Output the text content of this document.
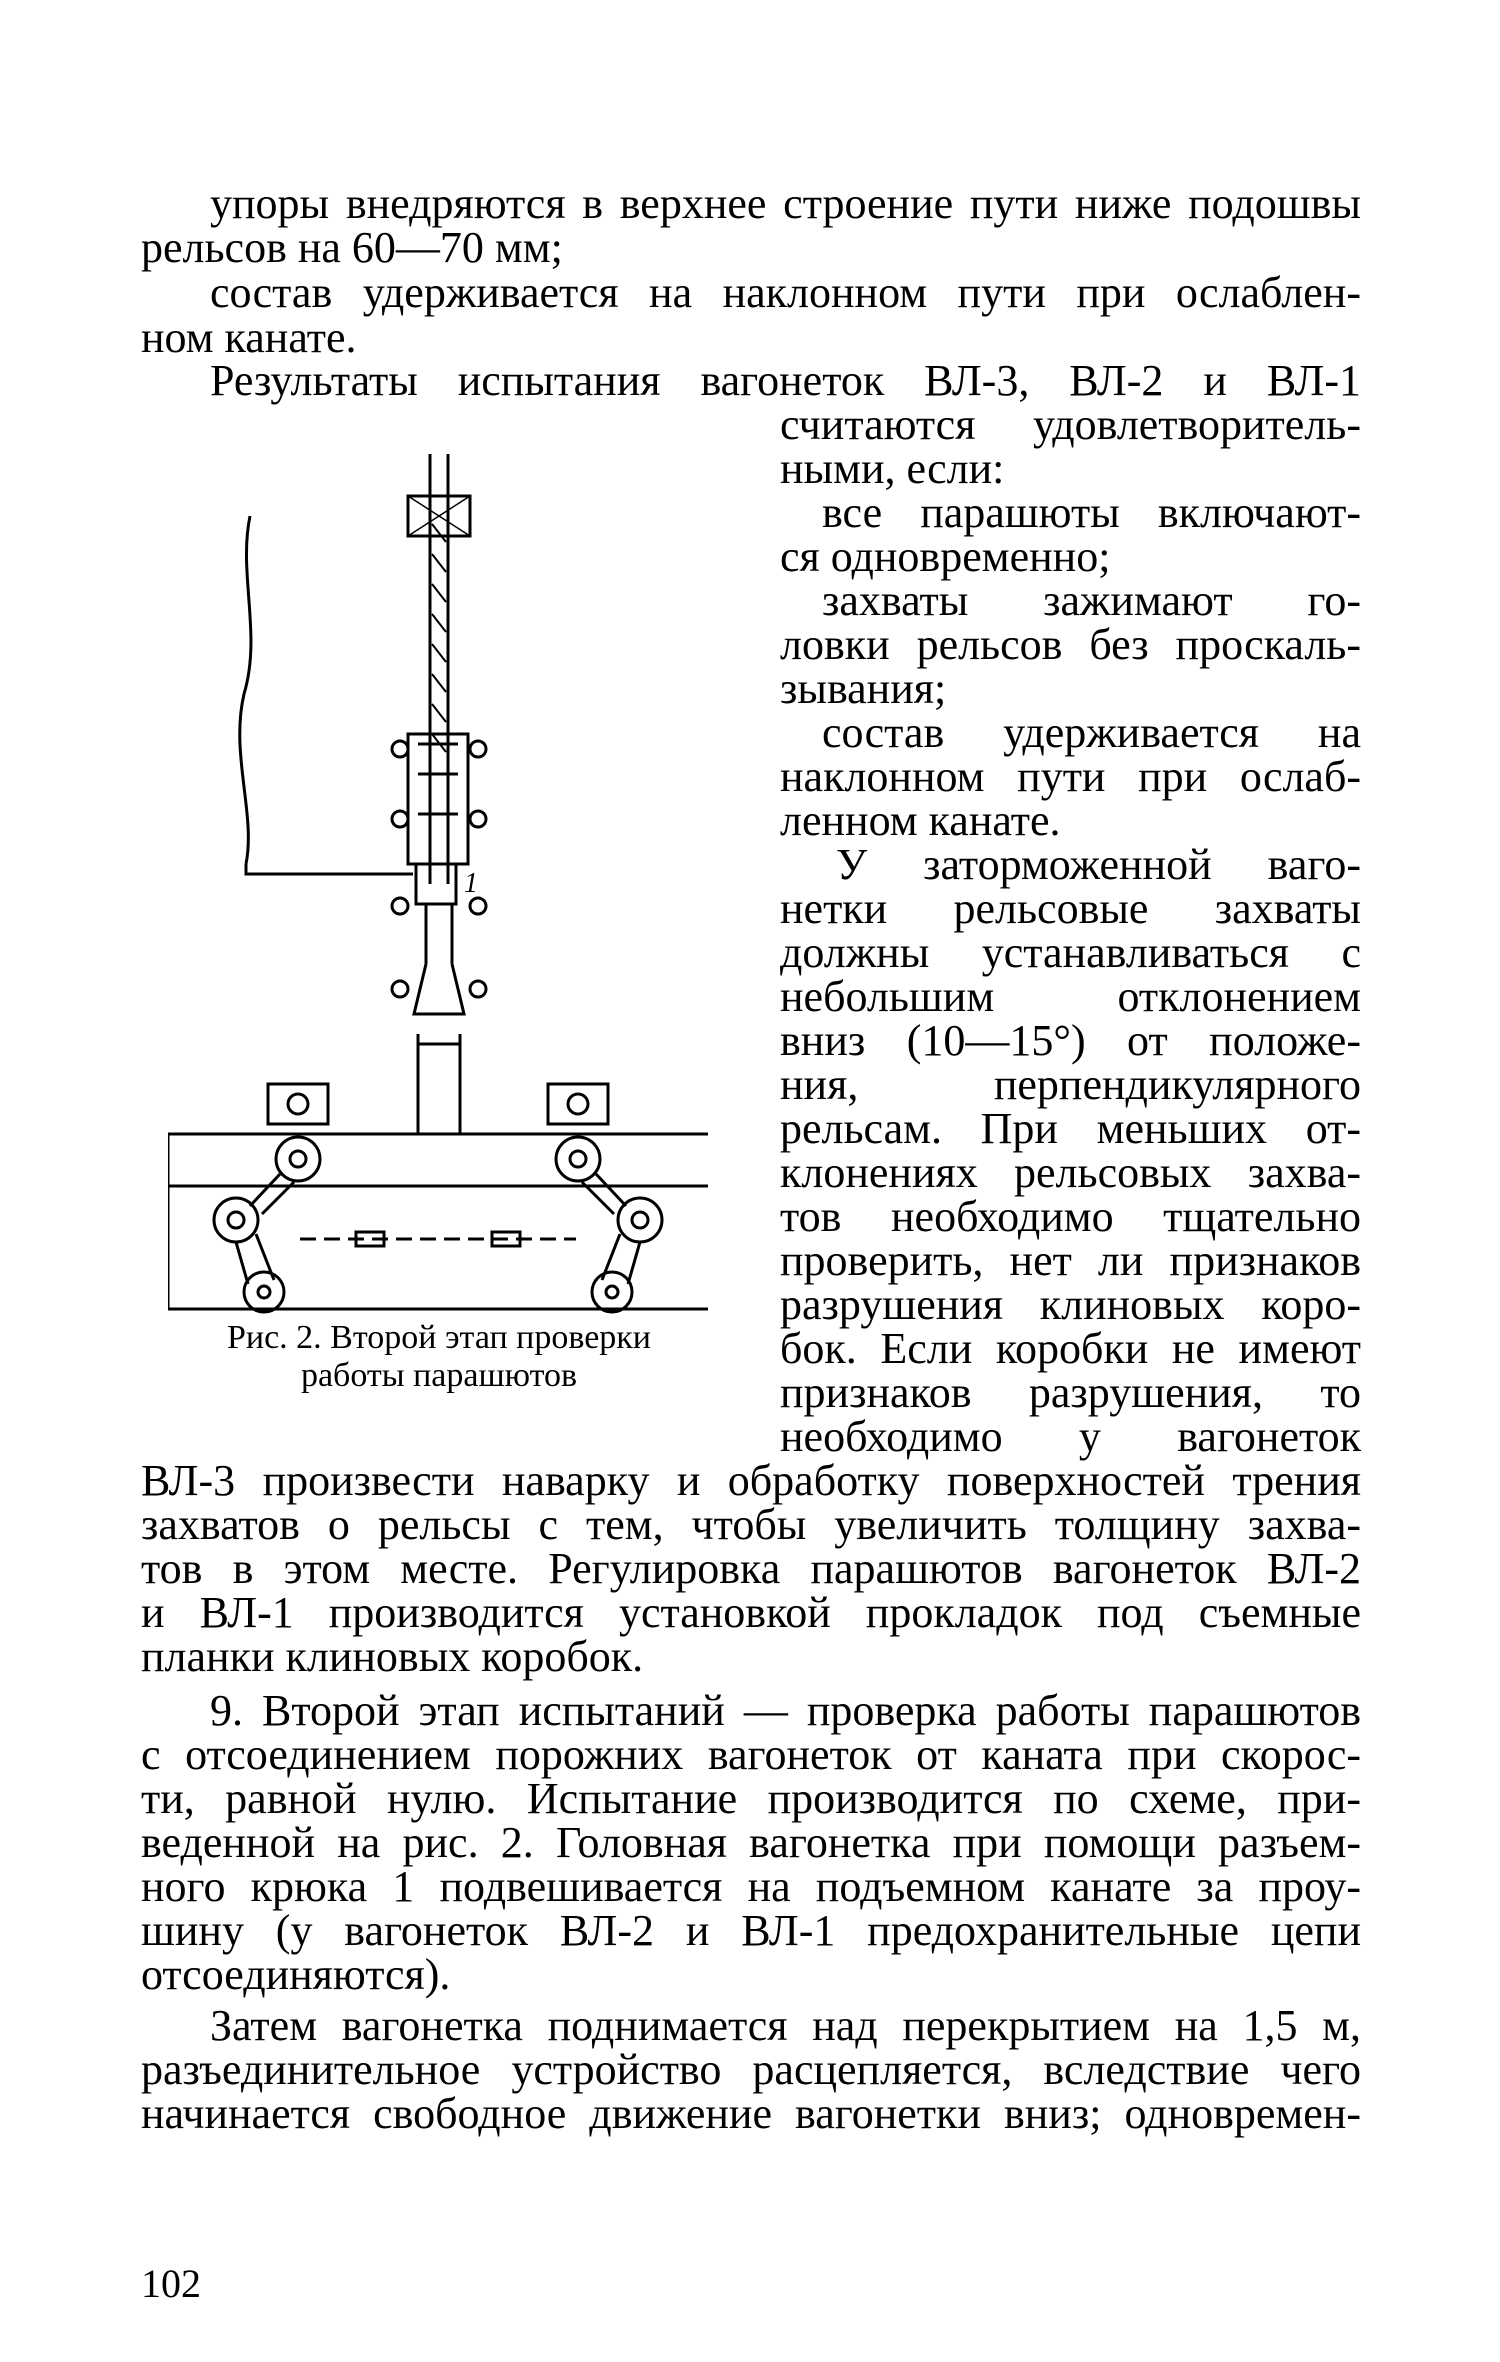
упоры внедряются в верхнее строение пути ниже подошвы
рельсов на 60—70 мм;
состав удерживается на наклонном пути при ослаблен-
ном канате.
Результаты испытания вагонеток ВЛ-3, ВЛ-2 и ВЛ-1
считаются удовлетворитель-
ными, если:
все парашюты включают-
ся одновременно;
захваты зажимают го-
ловки рельсов без проскаль-
зывания;
состав удерживается на
наклонном пути при ослаб-
ленном канате.
У заторможенной ваго-
нетки рельсовые захваты
должны устанавливаться с
небольшим отклонением
вниз (10—15°) от положе-
ния, перпендикулярного
рельсам. При меньших от-
клонениях рельсовых захва-
тов необходимо тщательно
проверить, нет ли признаков
разрушения клиновых коро-
бок. Если коробки не имеют
признаков разрушения, то
необходимо у вагонеток
ВЛ-3 произвести наварку и обработку поверхностей трения
захватов о рельсы с тем, чтобы увеличить толщину захва-
тов в этом месте. Регулировка парашютов вагонеток ВЛ-2
и ВЛ-1 производится установкой прокладок под съемные
планки клиновых коробок.
9. Второй этап испытаний — проверка работы парашютов
с отсоединением порожних вагонеток от каната при скорос-
ти, равной нулю. Испытание производится по схеме, при-
веденной на рис. 2. Головная вагонетка при помощи разъем-
ного крюка 1 подвешивается на подъемном канате за проу-
шину (у вагонеток ВЛ-2 и ВЛ-1 предохранительные цепи
отсоединяются).
Затем вагонетка поднимается над перекрытием на 1,5 м,
разъединительное устройство расцепляется, вследствие чего
начинается свободное движение вагонетки вниз; одновремен-
1
Рис. 2. Второй этап проверки
работы парашютов
102
